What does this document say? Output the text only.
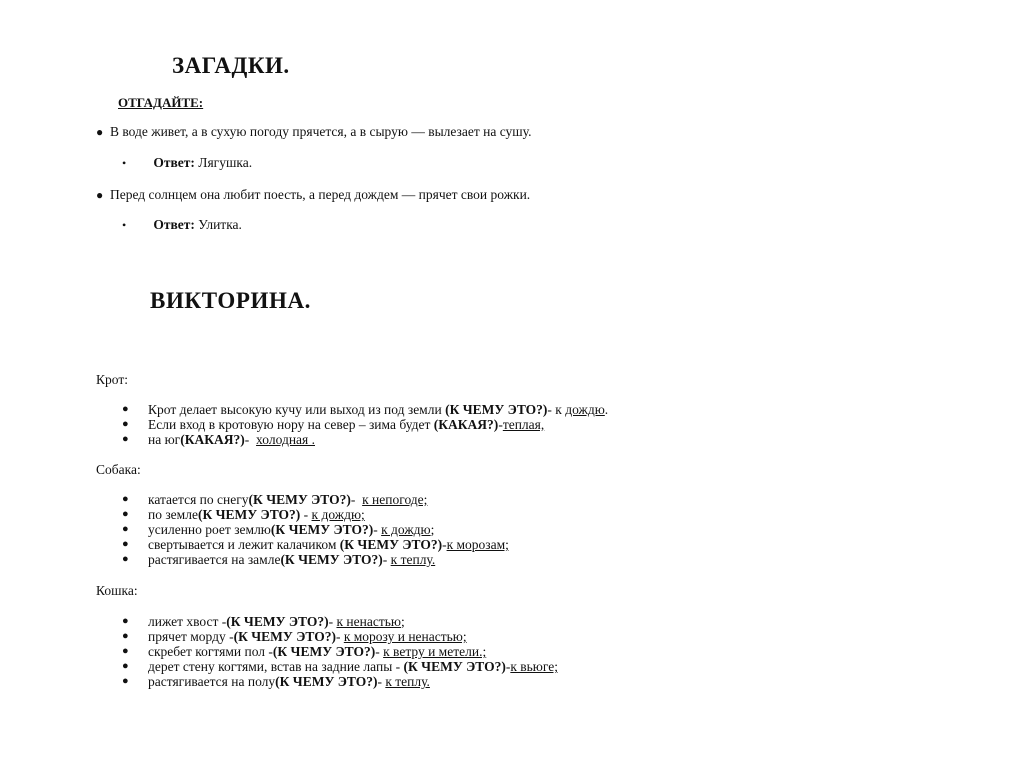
ЗАГАДКИ.
ОТГАДАЙТЕ:
● В воде живет, а в сухую погоду прячется, а в сырую — вылезает на сушу.
• Ответ: Лягушка.
● Перед солнцем она любит поесть, а перед дождем — прячет свои рожки.
• Ответ: Улитка.
ВИКТОРИНА.
Крот:
●	Крот делает высокую кучу или выход из под земли
(К ЧЕМУ ЭТО?) - к дождю .
●	Если вход в кротовую нору на север – зима будет
(КАКАЯ?) - теплая,
●	на юг (КАКАЯ?) - холодная .
Собака:
●	катается по снегу (К ЧЕМУ ЭТО?) - к непогоде;
●	по земле (К ЧЕМУ ЭТО?) - к дождю;
●	усиленно роет землю (К ЧЕМУ ЭТО?) - к дождю ;
●	свертывается и лежит калачиком (К ЧЕМУ ЭТО?) - к морозам;
●	растягивается на замле (К ЧЕМУ ЭТО?) - к теплу.
Кошка:
●	лижет хвост - (К ЧЕМУ ЭТО?) - к ненастью ;
●	прячет морду - (К ЧЕМУ ЭТО?) - к морозу и ненастью;
●	скребет когтями пол - (К ЧЕМУ ЭТО?) - к ветру и метели.;
●	дерет стену когтями, встав на задние лапы - (К ЧЕМУ ЭТО?) - к вьюге;
●	растягивается на полу (К ЧЕМУ ЭТО?) - к теплу.
